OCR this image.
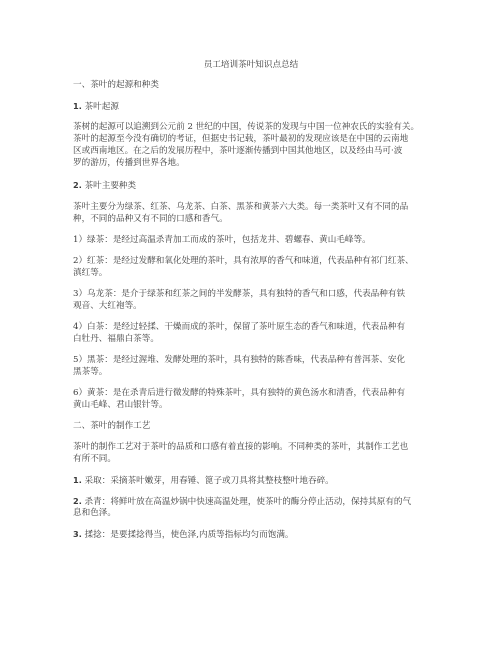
员工培训茶叶知识点总结
一、茶叶的起源和种类
1. 茶叶起源
茶树的起源可以追溯到公元前 2 世纪的中国，传说茶的发现与中国一位神农氏的实验有关。
茶叶的起源至今没有确切的考证，但据史书记载，茶叶最初的发现应该是在中国的云南地
区或西南地区。在之后的发展历程中，茶叶逐渐传播到中国其他地区，以及经由马可·波
罗的游历，传播到世界各地。
2. 茶叶主要种类
茶叶主要分为绿茶、红茶、乌龙茶、白茶、黑茶和黄茶六大类。每一类茶叶又有不同的品
种，不同的品种又有不同的口感和香气。
1）绿茶：是经过高温杀青加工而成的茶叶，包括龙井、碧螺春、黄山毛峰等。
2）红茶：是经过发酵和氧化处理的茶叶，具有浓厚的香气和味道，代表品种有祁门红茶、
滇红等。
3）乌龙茶：是介于绿茶和红茶之间的半发酵茶，具有独特的香气和口感，代表品种有铁
观音、大红袍等。
4）白茶：是经过轻揉、干燥而成的茶叶，保留了茶叶原生态的香气和味道，代表品种有
白牡丹、福鼎白茶等。
5）黑茶：是经过渥堆、发酵处理的茶叶，具有独特的陈香味，代表品种有普洱茶、安化
黑茶等。
6）黄茶：是在杀青后进行微发酵的特殊茶叶，具有独特的黄色汤水和清香，代表品种有
黄山毛峰、君山银针等。
二、茶叶的制作工艺
茶叶的制作工艺对于茶叶的品质和口感有着直接的影响。不同种类的茶叶，其制作工艺也
有所不同。
1. 采取：采摘茶叶嫩芽，用春锤、篦子或刀具将其整枝整叶地吞碎。
2. 杀青：将鲜叶放在高温炒锅中快速高温处理，使茶叶的酶分停止活动，保持其原有的气
息和色泽。
3. 揉捻：是要揉捻得当，使色泽,内质等指标均匀而饱满。
